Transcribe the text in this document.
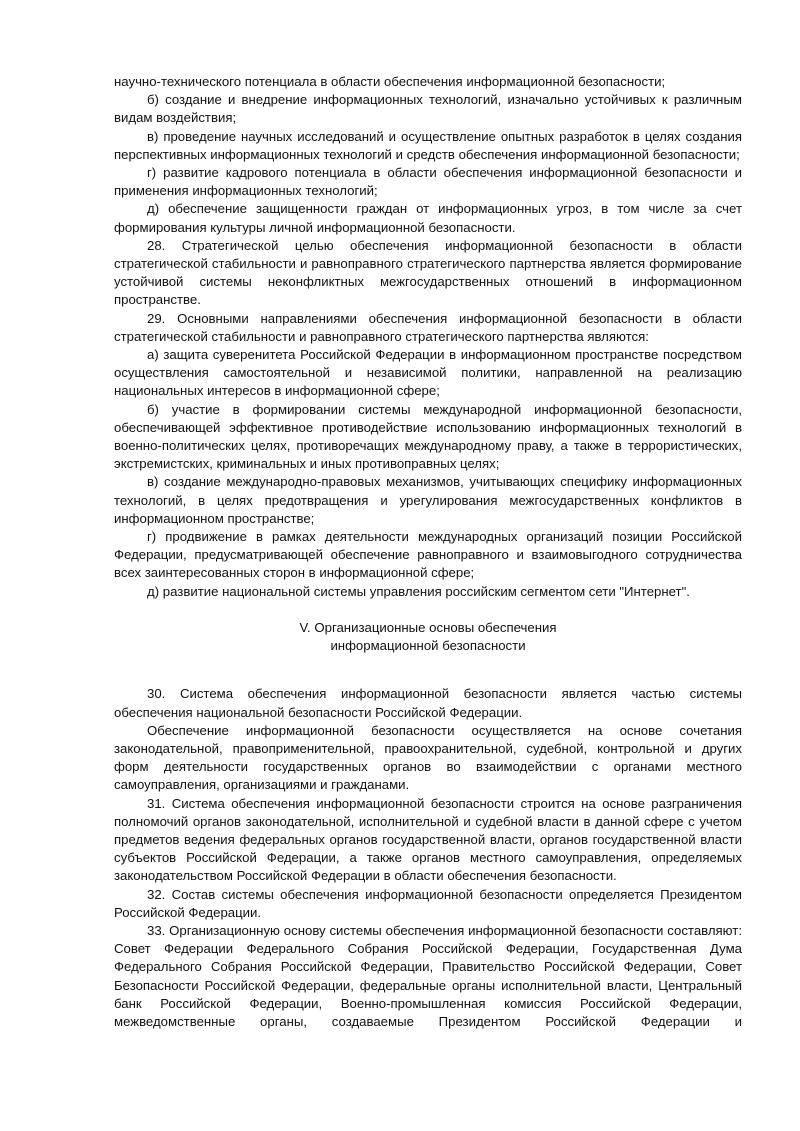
научно-технического потенциала в области обеспечения информационной безопасности;

б) создание и внедрение информационных технологий, изначально устойчивых к различным видам воздействия;

в) проведение научных исследований и осуществление опытных разработок в целях создания перспективных информационных технологий и средств обеспечения информационной безопасности;

г) развитие кадрового потенциала в области обеспечения информационной безопасности и применения информационных технологий;

д) обеспечение защищенности граждан от информационных угроз, в том числе за счет формирования культуры личной информационной безопасности.

28. Стратегической целью обеспечения информационной безопасности в области стратегической стабильности и равноправного стратегического партнерства является формирование устойчивой системы неконфликтных межгосударственных отношений в информационном пространстве.

29. Основными направлениями обеспечения информационной безопасности в области стратегической стабильности и равноправного стратегического партнерства являются:

а) защита суверенитета Российской Федерации в информационном пространстве посредством осуществления самостоятельной и независимой политики, направленной на реализацию национальных интересов в информационной сфере;

б) участие в формировании системы международной информационной безопасности, обеспечивающей эффективное противодействие использованию информационных технологий в военно-политических целях, противоречащих международному праву, а также в террористических, экстремистских, криминальных и иных противоправных целях;

в) создание международно-правовых механизмов, учитывающих специфику информационных технологий, в целях предотвращения и урегулирования межгосударственных конфликтов в информационном пространстве;

г) продвижение в рамках деятельности международных организаций позиции Российской Федерации, предусматривающей обеспечение равноправного и взаимовыгодного сотрудничества всех заинтересованных сторон в информационной сфере;

д) развитие национальной системы управления российским сегментом сети "Интернет".

V. Организационные основы обеспечения
информационной безопасности

30. Система обеспечения информационной безопасности является частью системы обеспечения национальной безопасности Российской Федерации.

Обеспечение информационной безопасности осуществляется на основе сочетания законодательной, правоприменительной, правоохранительной, судебной, контрольной и других форм деятельности государственных органов во взаимодействии с органами местного самоуправления, организациями и гражданами.

31. Система обеспечения информационной безопасности строится на основе разграничения полномочий органов законодательной, исполнительной и судебной власти в данной сфере с учетом предметов ведения федеральных органов государственной власти, органов государственной власти субъектов Российской Федерации, а также органов местного самоуправления, определяемых законодательством Российской Федерации в области обеспечения безопасности.

32. Состав системы обеспечения информационной безопасности определяется Президентом Российской Федерации.

33. Организационную основу системы обеспечения информационной безопасности составляют: Совет Федерации Федерального Собрания Российской Федерации, Государственная Дума Федерального Собрания Российской Федерации, Правительство Российской Федерации, Совет Безопасности Российской Федерации, федеральные органы исполнительной власти, Центральный банк Российской Федерации, Военно-промышленная комиссия Российской Федерации, межведомственные органы, создаваемые Президентом Российской Федерации и
